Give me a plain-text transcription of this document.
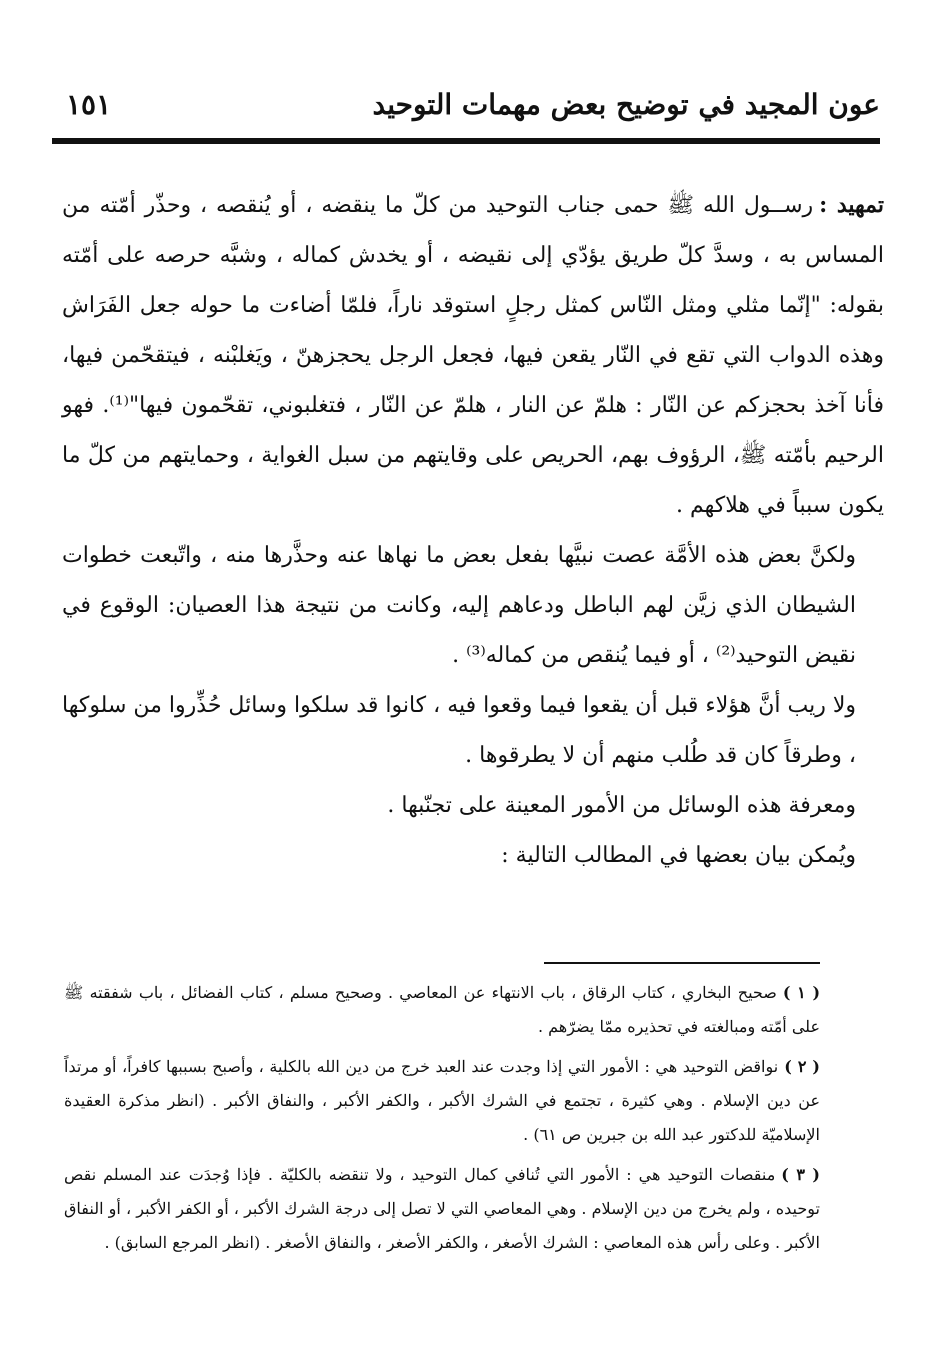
عون المجيد في توضيح بعض مهمات التوحيد
١٥١

تمهيد :رســول الله ﷺ حمى جناب التوحيد من كلّ ما ينقضه ، أو يُنقصه ، وحذّر أمّته من المساس به ، وسدَّ كلّ طريق يؤدّي إلى نقيضه ، أو يخدش كماله ، وشبَّه حرصه على أمّته بقوله: "إنّما مثلي ومثل النّاس كمثل رجلٍ استوقد ناراً، فلمّا أضاءت ما حوله جعل الفَرَاش وهذه الدواب التي تقع في النّار يقعن فيها، فجعل الرجل يحجزهنّ ، ويَغلبْنه ، فيتقحّمن فيها، فأنا آخذ بحجزكم عن النّار : هلمّ عن النار ، هلمّ عن النّار ، فتغلبوني، تقحّمون فيها"⁽¹⁾. فهو الرحيم بأمّته ﷺ، الرؤوف بهم، الحريص على وقايتهم من سبل الغواية ، وحمايتهم من كلّ ما يكون سبباً في هلاكهم .

ولكنَّ بعض هذه الأمَّة عصت نبيَّها بفعل بعض ما نهاها عنه وحذَّرها منه ، واتّبعت خطوات الشيطان الذي زيَّن لهم الباطل ودعاهم إليه، وكانت من نتيجة هذا العصيان: الوقوع في نقيض التوحيد⁽²⁾ ، أو فيما يُنقص من كماله⁽³⁾ .

ولا ريب أنَّ هؤلاء قبل أن يقعوا فيما وقعوا فيه ، كانوا قد سلكوا وسائل حُذِّروا من سلوكها ، وطرقاً كان قد طُلب منهم أن لا يطرقوها .

ومعرفة هذه الوسائل من الأمور المعينة على تجنّبها .

ويُمكن بيان بعضها في المطالب التالية :

( ١ )صحيح البخاري ، كتاب الرقاق ، باب الانتهاء عن المعاصي . وصحيح مسلم ، كتاب الفضائل ، باب شفقته ﷺ على أمّته ومبالغته في تحذيره ممّا يضرّهم .

( ٢ )نواقض التوحيد هي : الأمور التي إذا وجدت عند العبد خرج من دين الله بالكلية ، وأصبح بسببها كافراً، أو مرتداً عن دين الإسلام . وهي كثيرة ، تجتمع في الشرك الأكبر ، والكفر الأكبر ، والنفاق الأكبر . (انظر مذكرة العقيدة الإسلاميّة للدكتور عبد الله بن جبرين ص ٦١) .

( ٣ )منقصات التوحيد هي : الأمور التي تُنافي كمال التوحيد ، ولا تنقضه بالكليّة . فإذا وُجدَت عند المسلم نقص توحيده ، ولم يخرج من دين الإسلام . وهي المعاصي التي لا تصل إلى درجة الشرك الأكبر ، أو الكفر الأكبر ، أو النفاق الأكبر . وعلى رأس هذه المعاصي : الشرك الأصغر ، والكفر الأصغر ، والنفاق الأصغر . (انظر المرجع السابق) .
